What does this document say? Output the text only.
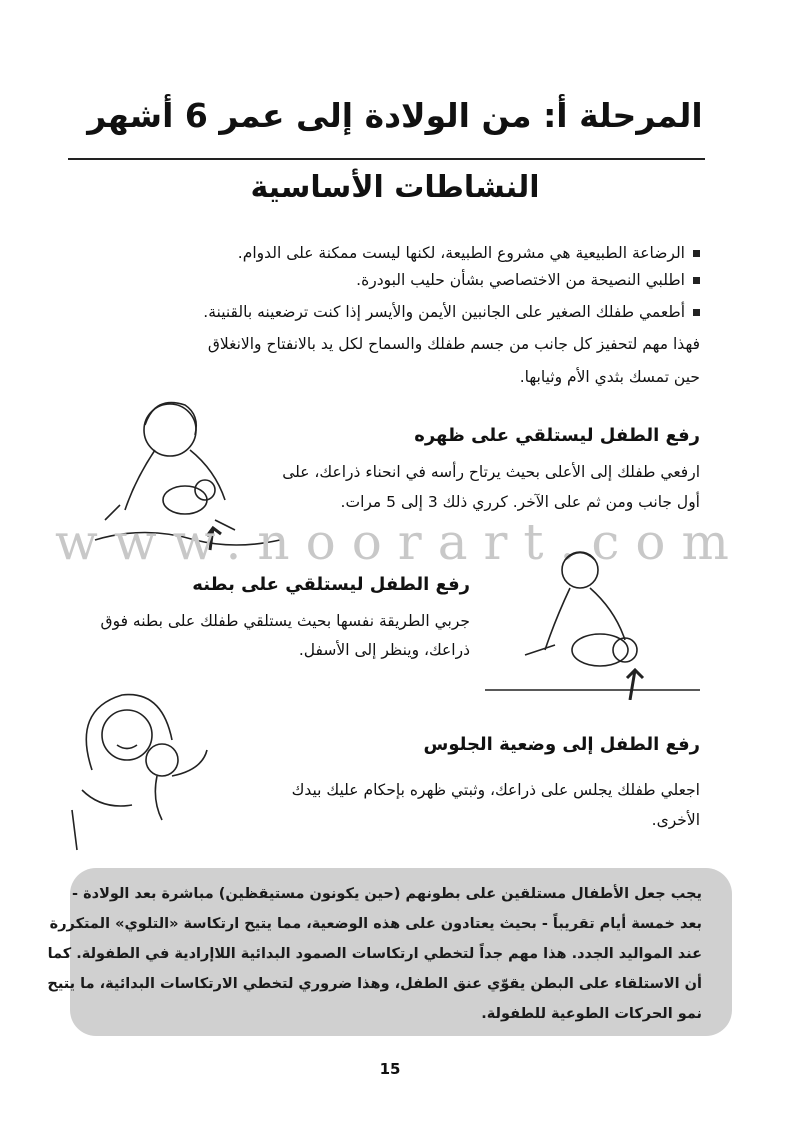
المرحلة أ: من الولادة إلى عمر 6 أشهر
النشاطات الأساسية
الرضاعة الطبيعية هي مشروع الطبيعة، لكنها ليست ممكنة على الدوام.
اطلبي النصيحة من الاختصاصي بشأن حليب البودرة.
أطعمي طفلك الصغير على الجانبين الأيمن والأيسر إذا كنت ترضعينه بالقنينة.
فهذا مهم لتحفيز كل جانب من جسم طفلك والسماح لكل يد بالانفتاح والانغلاق
حين تمسك بثدي الأم وثيابها.
رفع الطفل ليستلقي على ظهره
ارفعي طفلك إلى الأعلى بحيث يرتاح رأسه في انحناء ذراعك، على
أول جانب ومن ثم على الآخر. كرري ذلك 3 إلى 5 مرات.
www.noorart.com
رفع الطفل ليستلقي على بطنه
جربي الطريقة نفسها بحيث يستلقي طفلك على بطنه فوق
ذراعك، وينظر إلى الأسفل.
رفع الطفل إلى وضعية الجلوس
اجعلي طفلك يجلس على ذراعك، وثبتي ظهره بإحكام عليك بيدك
الأخرى.
يجب جعل الأطفال مستلقين على بطونهم (حين يكونون مستيقظين) مباشرة بعد الولادة -
بعد خمسة أيام تقريباً - بحيث يعتادون على هذه الوضعية، مما يتيح ارتكاسة «التلوي» المتكررة
عند المواليد الجدد. هذا مهم جداً لتخطي ارتكاسات الصمود البدائية اللاإرادية في الطفولة. كما
أن الاستلقاء على البطن يقوّي عنق الطفل، وهذا ضروري لتخطي الارتكاسات البدائية، ما يتيح
نمو الحركات الطوعية للطفولة.
15
